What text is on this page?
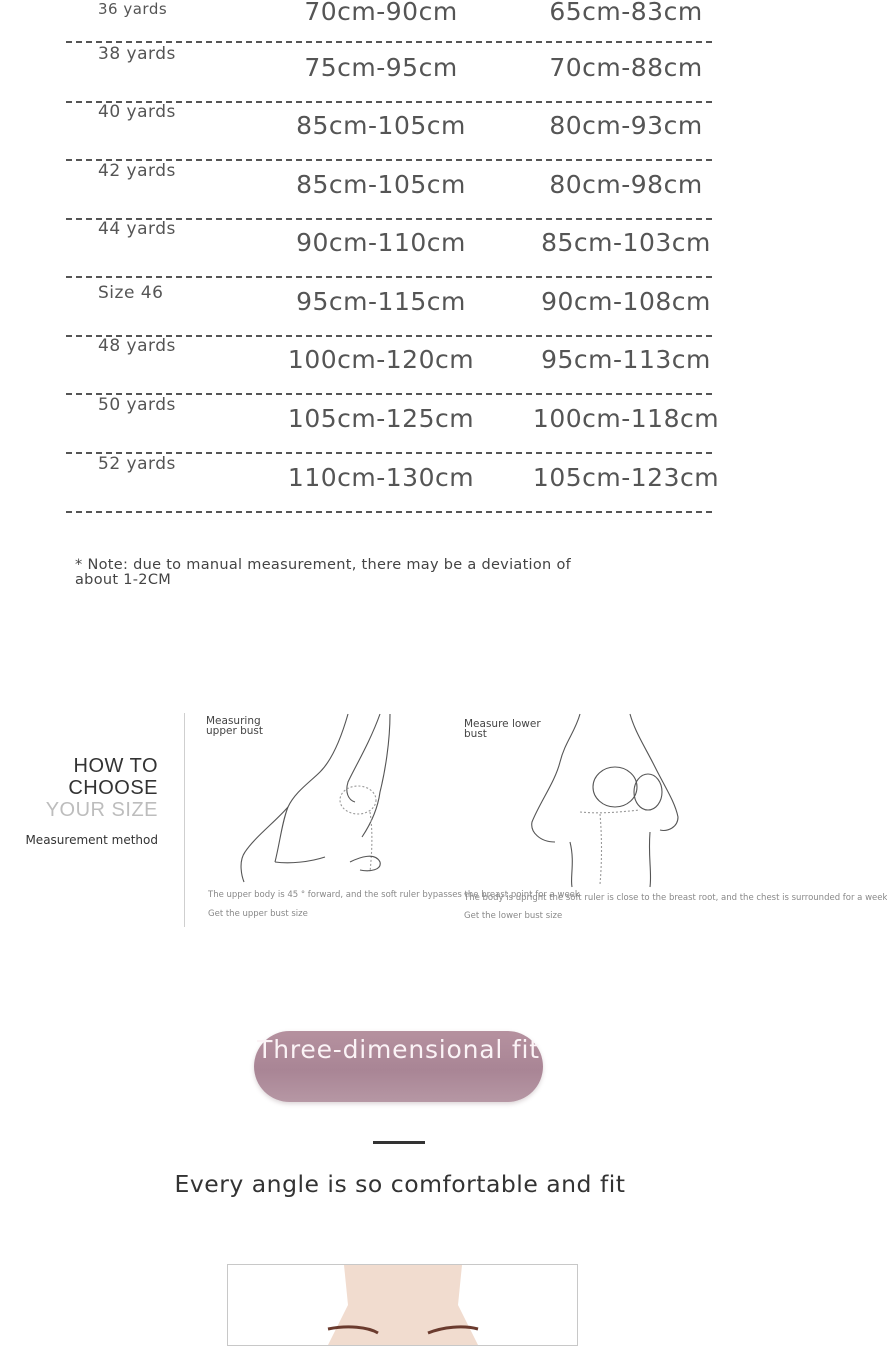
36 yards	70cm-90cm	65cm-83cm
38 yards	75cm-95cm	70cm-88cm
40 yards	85cm-105cm	80cm-93cm
42 yards	85cm-105cm	80cm-98cm
44 yards	90cm-110cm	85cm-103cm
Size 46	95cm-115cm	90cm-108cm
48 yards	100cm-120cm	95cm-113cm
50 yards	105cm-125cm	100cm-118cm
52 yards	110cm-130cm	105cm-123cm
* Note: due to manual measurement, there may be a deviation of about 1-2CM
HOW TO
CHOOSE
YOUR SIZE
Measurement method
Measuring upper bust
The upper body is 45 ° forward, and the soft ruler bypasses the breast point for a week
Get the upper bust size
Measure lower bust
The body is upright the soft ruler is close to the breast root, and the chest is surrounded for a week
Get the lower bust size
Three-dimensional fit
Every angle is so comfortable and fit
